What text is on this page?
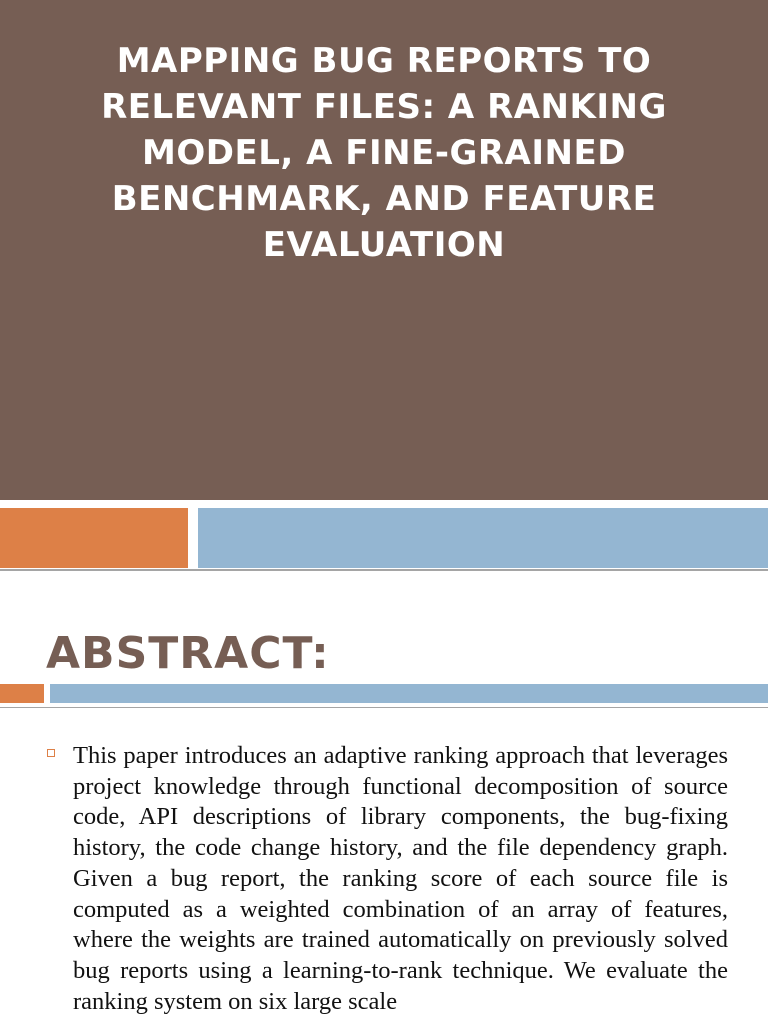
MAPPING BUG REPORTS TO RELEVANT FILES: A RANKING MODEL, A FINE-GRAINED BENCHMARK, AND FEATURE EVALUATION
ABSTRACT:

This paper introduces an adaptive ranking approach that leverages project knowledge through functional decomposition of source code, API descriptions of library components, the bug-fixing history, the code change history, and the file dependency graph. Given a bug report, the ranking score of each source file is computed as a weighted combination of an array of features, where the weights are trained automatically on previously solved bug reports using a learning-to-rank technique. We evaluate the ranking system on six large scale
